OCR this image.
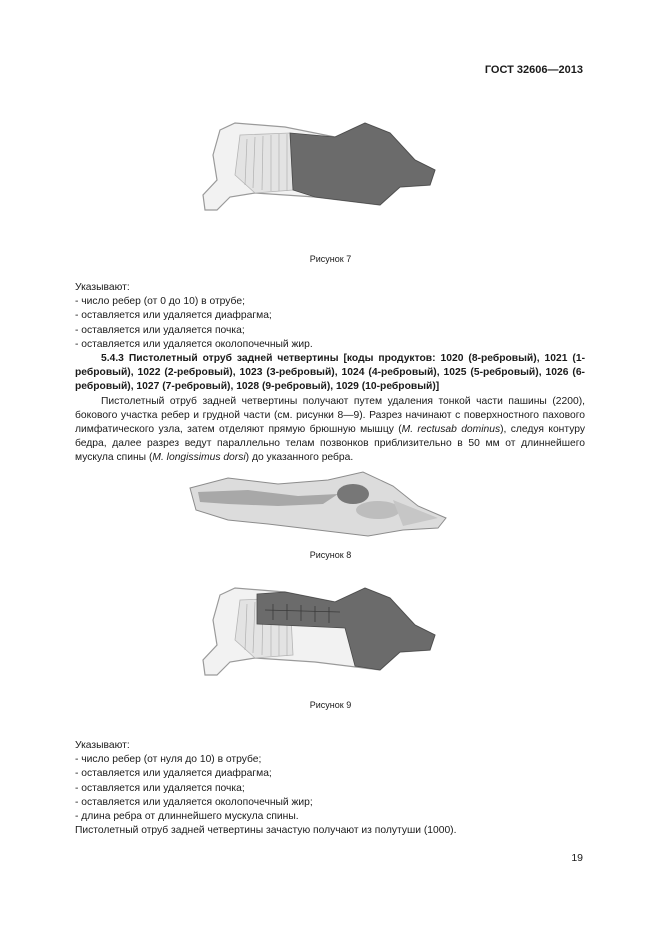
ГОСТ 32606—2013
Рисунок 7

Указывают:

- число ребер (от 0 до 10) в отрубе;

- оставляется или удаляется диафрагма;

- оставляется или удаляется почка;

- оставляется или удаляется околопочечный жир.

5.4.3 Пистолетный отруб задней четвертины [коды продуктов: 1020 (8-ребровый), 1021 (1-ребровый), 1022 (2-ребровый), 1023 (3-ребровый), 1024 (4-ребровый), 1025 (5-ребровый), 1026 (6-ребровый), 1027 (7-ребровый), 1028 (9-ребровый), 1029 (10-ребровый)]

Пистолетный отруб задней четвертины получают путем удаления тонкой части пашины (2200), бокового участка ребер и грудной части (см. рисунки 8—9). Разрез начинают с поверхностного пахового лимфатического узла, затем отделяют прямую брюшную мышцу (M. rectusab dominus), следуя контуру бедра, далее разрез ведут параллельно телам позвонков приблизительно в 50 мм от длиннейшего мускула спины (M. longissimus dorsi) до указанного ребра.

Рисунок 8
Рисунок 9

Указывают:

- число ребер (от нуля до 10) в отрубе;

- оставляется или удаляется диафрагма;

- оставляется или удаляется почка;

- оставляется или удаляется околопочечный жир;

- длина ребра от длиннейшего мускула спины.

Пистолетный отруб задней четвертины зачастую получают из полутуши (1000).

19
